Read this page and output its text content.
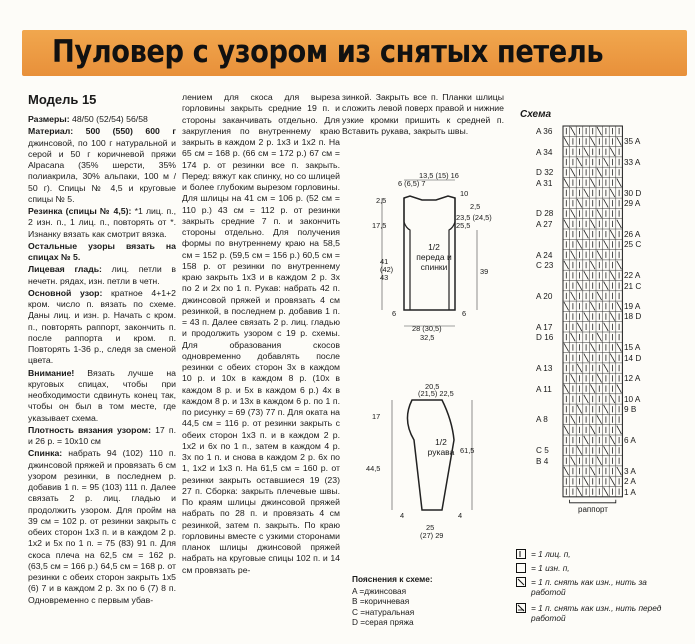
Пуловер с узором из снятых петель
Модель 15

Размеры: 48/50 (52/54) 56/58

Материал: 500 (550) 600 г джинсовой, по 100 г натуральной и серой и 50 г коричневой пряжи Alpacana (35% шерсти, 35% полиакрила, 30% альпаки, 100 м / 50 г). Спицы № 4,5 и круговые спицы № 5.

Резинка (спицы № 4,5): *1 лиц. п., 2 изн. п., 1 лиц. п., повторять от *. Изнанку вязать как смотрит вязка.

Остальные узоры вязать на спицах № 5.

Лицевая гладь: лиц. петли в нечетн. рядах, изн. петли в четн.

Основной узор: кратное 4+1+2 кром. число п. вязать по схеме. Даны лиц. и изн. р. Начать с кром. п., повторять раппорт, закончить п. после раппорта и кром. п. Повторять 1-36 р., следя за сменой цвета.

Внимание! Вязать лучше на круговых спицах, чтобы при необходимости сдвинуть конец так, чтобы он был в том месте, где указывает схема.

Плотность вязания узором: 17 п. и 26 р. = 10х10 см

Спинка: набрать 94 (102) 110 п. джинсовой пряжей и провязать 6 см узором резинки, в последнем р. добавив 1 п. = 95 (103) 111 п. Далее связать 2 р. лиц. гладью и продолжить узором. Для пройм на 39 см = 102 р. от резинки закрыть с обеих сторон 1х3 п. и в каждом 2 р. 1х2 и 5х по 1 п. = 75 (83) 91 п. Для скоса плеча на 62,5 см = 162 р. (63,5 см = 166 р.) 64,5 см = 168 р. от резинки с обеих сторон закрыть 1х5 (6) 7 и в каждом 2 р. 3х по 6 (7) 8 п. Одновременно с первым убав-

лением для скоса для выреза горловины закрыть средние 19 п. и стороны заканчивать отдельно. Для закругления по внутреннему краю закрыть в каждом 2 р. 1х3 и 1х2 п. На 65 см = 168 р. (66 см = 172 р.) 67 см = 174 р. от резинки все п. закрыть. Перед: вяжут как спинку, но со шлицей и более глубоким вырезом горловины. Для шлицы на 41 см = 106 р. (52 см = 110 р.) 43 см = 112 р. от резинки закрыть средние 7 п. и закончить стороны отдельно. Для получения формы по внутреннему краю на 58,5 см = 152 р. (59,5 см = 156 р.) 60,5 см = 158 р. от резинки по внутреннему краю закрыть 1х3 и в каждом 2 р. 3х по 2 и 2х по 1 п. Рукав: набрать 42 п. джинсовой пряжей и провязать 4 см резинкой, в последнем р. добавив 1 п. = 43 п. Далее связать 2 р. лиц. гладью и продолжить узором с 19 р. схемы. Для образования скосов одновременно добавлять после резинки с обеих сторон 3х в каждом 10 р. и 10х в каждом 8 р. (10х в каждом 8 р. и 5х в каждом 6 р.) 4х в каждом 8 р. и 13х в каждом 6 р. по 1 п. по рисунку = 69 (73) 77 п. Для окатa на 44,5 см = 116 р. от резинки закрыть с обеих сторон 1х3 п. и в каждом 2 р. 1х2 и 6х по 1 п., затем в каждом 4 р. 3х по 1 п. и снова в каждом 2 р. 6х по 1, 1х2 и 1х3 п. На 61,5 см = 160 р. от резинки закрыть оставшиеся 19 (23) 27 п. Сборка: закрыть плечевые швы. По краям шлицы джинсовой пряжей набрать по 28 п. и провязать 4 см резинкой, затем п. закрыть. По краю горловины вместе с узкими сторонами планок шлицы джинсовой пряжей набрать на круговые спицы 102 п. и 14 см провязать ре-

зинкой. Закрыть все п. Планки шлицы сложить левой поверх правой и нижние узкие кромки пришить к средней п. Вставить рукава, закрыть швы.

13,5 (15) 16
6 (6,5) 7
2,5
17,5
41 (42) 43
10
2,5
23,5 (24,5) 25,5
39
1/2 переда и спинки
28 (30,5)
32,5
6	6
20,5
(21,5) 22,5
17
44,5
61,5
1/2 рукава
4	4
25
(27) 29
Пояснения к схеме:
A =джинсовая
B =коричневая
C =натуральная
D =серая пряжа
Схема
A 36
A 34
D 32
A 31
D 28
A 27
A 24
C 23
A 20
A 17
D 16
A 13
A 11
A 8
C 5
B 4
35 A
33 A
30 D
29 A
26 A
25 C
22 A
21 C
19 A
18 D
15 A
14 D
12 A
10 A
9 B
6 A
3 A
2 A
1 A
раппорт
= 1 лиц. п,
= 1 изн. п,
= 1 п. снять как изн., нить за работой
= 1 п. снять как изн., нить перед работой
